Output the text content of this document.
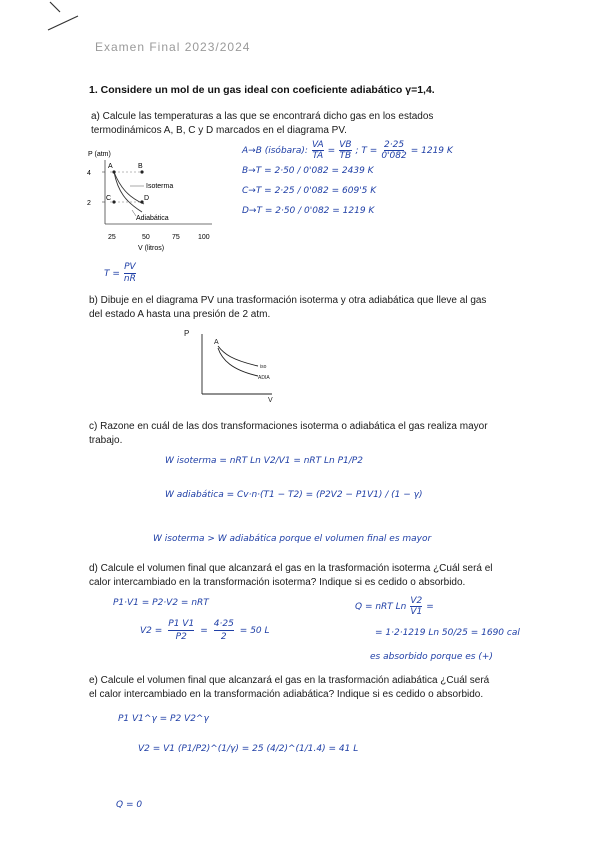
Examen Final 2023/2024
1. Considere un mol de un gas ideal con coeficiente adiabático γ=1,4.
a) Calcule las temperaturas a las que se encontrará dicho gas en los estados
termodinámicos A, B, C y D marcados en el diagrama PV.
P (atm)
4
2
A	B
C	D
Isoterma
Adiabática
25	50	75	100
V (litros)
A→B (isóbara): $\frac{VA}{TA} = \frac{VB}{TB}$ ; $T = \frac{2\cdot 25}{0'082} = 1219$ K
B→T = 2·50 / 0'082 = 2439 K
C→T = 2·25 / 0'082 = 609'5 K
D→T = 2·50 / 0'082 = 1219 K
$T = \frac{PV}{nR}$
b) Dibuje en el diagrama PV una trasformación isoterma y otra adiabática que lleve al gas
del estado A hasta una presión de 2 atm.
P
A
iso
ADIA
V
c) Razone en cuál de las dos transformaciones isoterma o adiabática el gas realiza mayor
trabajo.
W isoterma = nRT Ln V2/V1 = nRT Ln P1/P2
W adiabática = Cv·n·(T1 − T2) = (P2V2 − P1V1) / (1 − γ)
W isoterma > W adiabática porque el volumen final es mayor
d) Calcule el volumen final que alcanzará el gas en la trasformación isoterma ¿Cuál será el
calor intercambiado en la transformación isoterma? Indique si es cedido o absorbido.
P1·V1 = P2·V2 = nRT
$V2 = \frac{P1 V1}{P2} = \frac{4\cdot 25}{2} = 50$ L
Q = nRT Ln $\frac{V2}{V1}$ =
= 1·2·1219 Ln 50/25 = 1690 cal
es absorbido porque es (+)
e) Calcule el volumen final que alcanzará el gas en la trasformación adiabática ¿Cuál será
el calor intercambiado en la transformación adiabática? Indique si es cedido o absorbido.
P1 V1^γ = P2 V2^γ
V2 = V1 (P1/P2)^(1/γ) = 25 (4/2)^(1/1.4) = 41 L
Q = 0
